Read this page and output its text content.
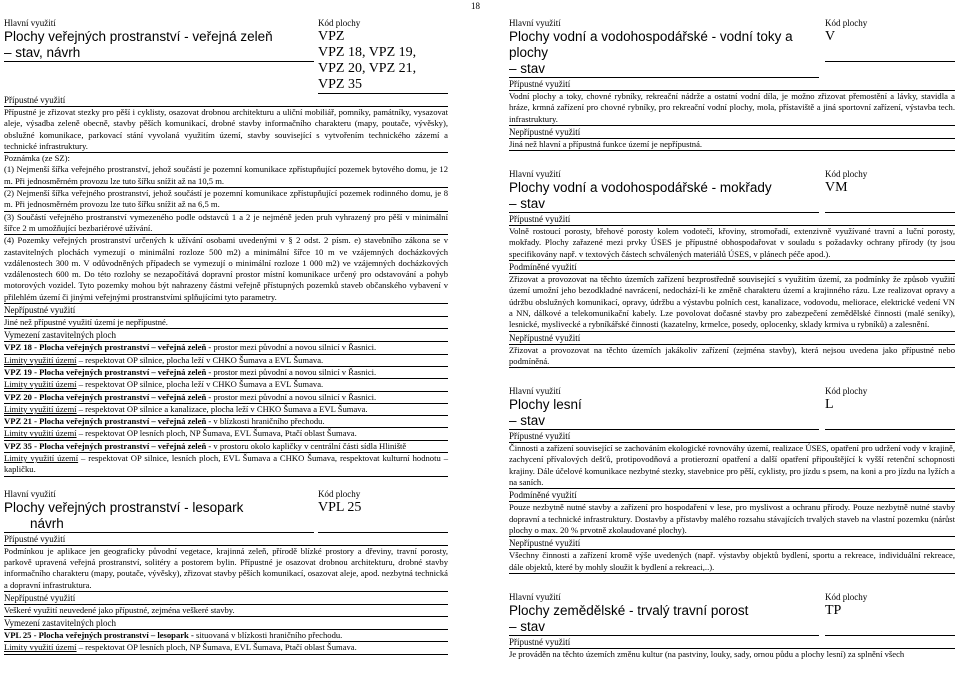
18
Hlavní využití
Plochy veřejných prostranství - veřejná zeleň
– stav, návrh
Kód plochy
VPZ
VPZ 18, VPZ 19,
VPZ 20, VPZ 21,
VPZ 35
Přípustné využití

Přípustné je zřizovat stezky pro pěší i cyklisty, osazovat drobnou architekturu a uliční mobiliář, pomníky, památníky, vysazovat aleje, výsadba zeleně obecně, stavby pěších komunikací, drobné stavby informačního charakteru (mapy, poutače, vývěsky), obslužné komunikace, parkovací stání vyvolaná využitím území, stavby související s vytvořením technického zázemí a technické infrastruktury.

Poznámka (ze SZ):

(1) Nejmenší šířka veřejného prostranství, jehož součástí je pozemní komunikace zpřístupňující pozemek bytového domu, je 12 m. Při jednosměrném provozu lze tuto šířku snížit až na 10,5 m.

(2) Nejmenší šířka veřejného prostranství, jehož součástí je pozemní komunikace zpřístupňující pozemek rodinného domu, je 8 m. Při jednosměrném provozu lze tuto šířku snížit až na 6,5 m.

(3) Součástí veřejného prostranství vymezeného podle odstavců 1 a 2 je nejméně jeden pruh vyhrazený pro pěší v minimální šířce 2 m umožňující bezbariérové užívání.

(4) Pozemky veřejných prostranství určených k užívání osobami uvedenými v § 2 odst. 2 písm. e) stavebního zákona se v zastavitelných plochách vymezují o minimální rozloze 500 m2) a minimální šířce 10 m ve vzájemných docházkových vzdálenostech 300 m. V odůvodněných případech se vymezují o minimální rozloze 1 000 m2) ve vzájemných docházkových vzdálenostech 600 m. Do této rozlohy se nezapočítává dopravní prostor místní komunikace určený pro odstavování a pohyb motorových vozidel. Tyto pozemky mohou být nahrazeny částmi veřejně přístupných pozemků staveb občanského vybavení v přilehlém území či jinými veřejnými prostranstvími splňujícími tyto parametry.

Nepřípustné využití

Jiné než přípustné využití území je nepřípustné.

Vymezení zastavitelných ploch

VPZ 18 - Plocha veřejných prostranství – veřejná zeleň - prostor mezi původní a novou silnicí v Řasnici.

Limity využití území – respektovat OP silnice, plocha leží v CHKO Šumava a EVL Šumava.

VPZ 19 - Plocha veřejných prostranství – veřejná zeleň - prostor mezi původní a novou silnicí v Řasnici.

Limity využití území – respektovat OP silnice, plocha leží v CHKO Šumava a EVL Šumava.

VPZ 20 - Plocha veřejných prostranství – veřejná zeleň - prostor mezi původní a novou silnicí v Řasnici.

Limity využití území – respektovat OP silnice a kanalizace, plocha leží v CHKO Šumava a EVL Šumava.

VPZ 21 - Plocha veřejných prostranství – veřejná zeleň - v blízkosti hraničního přechodu.

Limity využití území – respektovat OP lesních ploch, NP Šumava, EVL Šumava, Ptačí oblast Šumava.

VPZ 35 - Plocha veřejných prostranství – veřejná zeleň - v prostoru okolo kapličky v centrální části sídla Hliniště

Limity využití území – respektovat OP silnice, lesních ploch, EVL Šumava a CHKO Šumava, respektovat kulturní hodnotu – kapličku.

Hlavní využití
Plochy veřejných prostranství - lesopark
návrh
Kód plochy
VPL 25

Přípustné využití

Podmínkou je aplikace jen geograficky původní vegetace, krajinná zeleň, přírodě blízké prostory a dřeviny, travní porosty, parkově upravená veřejná prostranství, solitéry a postorem bylin. Přípustné je osazovat drobnou architekturu, drobné stavby informačního charakteru (mapy, poutače, vývěsky), zřizovat stavby pěších komunikací, osazovat aleje, apod. nezbytná technická a dopravní infrastruktura.

Nepřípustné využití

Veškeré využití neuvedené jako přípustné, zejména veškeré stavby.

Vymezení zastavitelných ploch

VPL 25 - Plocha veřejných prostranství – lesopark - situovaná v blízkosti hraničního přechodu.

Limity využití území – respektovat OP lesních ploch, NP Šumava, EVL Šumava, Ptačí oblast Šumava.

Hlavní využití
Plochy vodní a vodohospodářské - vodní toky a plochy
– stav
Kód plochy
V

Přípustné využití

Vodní plochy a toky, chovné rybníky, rekreační nádrže a ostatní vodní díla, je možno zřizovat přemostění a lávky, stavidla a hráze, krmná zařízení pro chovné rybníky, pro rekreační vodní plochy, mola, přístaviště a jiná sportovní zařízení, výstavba tech. infrastruktury.

Nepřípustné využití

Jiná než hlavní a přípustná funkce území je nepřípustná.

Hlavní využití
Plochy vodní a vodohospodářské - mokřady
– stav
Kód plochy
VM

Přípustné využití

Volně rostoucí porosty, břehové porosty kolem vodotečí, křoviny, stromořadí, extenzivně využívané travní a luční porosty, mokřady. Plochy zařazené mezi prvky ÚSES je přípustné obhospodařovat v souladu s požadavky ochrany přírody (ty jsou specifikovány např. v textových částech schválených materiálů ÚSES, v plánech péče apod.).

Podmíněné využití

Zřizovat a provozovat na těchto územích zařízení bezprostředně související s využitím území, za podmínky že způsob využití území umožní jeho bezodkladné navrácení, nedochází-li ke změně charakteru území a krajinného rázu. Lze realizovat opravy a údržbu obslužných komunikací, opravy, údržbu a výstavbu polních cest, kanalizace, vodovodu, meliorace, elektrické vedení VN a NN, dálkové a telekomunikační kabely. Lze povolovat dočasné stavby pro zabezpečení zemědělské činnosti (malé seníky), lesnické, myslivecké a rybníkářské činnosti (kazatelny, krmelce, posedy, oplocenky, sklady krmiva u rybníků) a zalesnění.

Nepřípustné využití

Zřizovat a provozovat na těchto územích jakákoliv zařízení (zejména stavby), která nejsou uvedena jako přípustné nebo podmíněná.

Hlavní využití
Plochy lesní
– stav
Kód plochy
L

Přípustné využití

Činnosti a zařízení související se zachováním ekologické rovnováhy území, realizace ÚSES, opatření pro udržení vody v krajině, zachycení přívalových dešťů, protipovodňová a protierozní opatření a další opatření připouštějící k vyšší retenční schopnosti krajiny. Dále účelové komunikace nezbytné stezky, stavebnice pro pěší, cyklisty, pro jízdu s psem, na koni a pro jízdu na lyžích a na saních.

Podmíněné využití

Pouze nezbytně nutné stavby a zařízení pro hospodaření v lese, pro myslivost a ochranu přírody. Pouze nezbytně nutné stavby dopravní a technické infrastruktury. Dostavby a přístavby malého rozsahu stávajících trvalých staveb na vlastní pozemku (nárůst plochy o max. 20 % prvotně zkolaudované plochy).

Nepřípustné využití

Všechny činnosti a zařízení kromě výše uvedených (např. výstavby objektů bydlení, sportu a rekreace, individuální rekreace, dále objektů, které by mohly sloužit k bydlení a rekreaci,..).

Hlavní využití
Plochy zemědělské - trvalý travní porost
– stav
Kód plochy
TP

Přípustné využití

Je prováděn na těchto územích změnu kultur (na pastviny, louky, sady, ornou půdu a plochy lesní) za splnění všech
